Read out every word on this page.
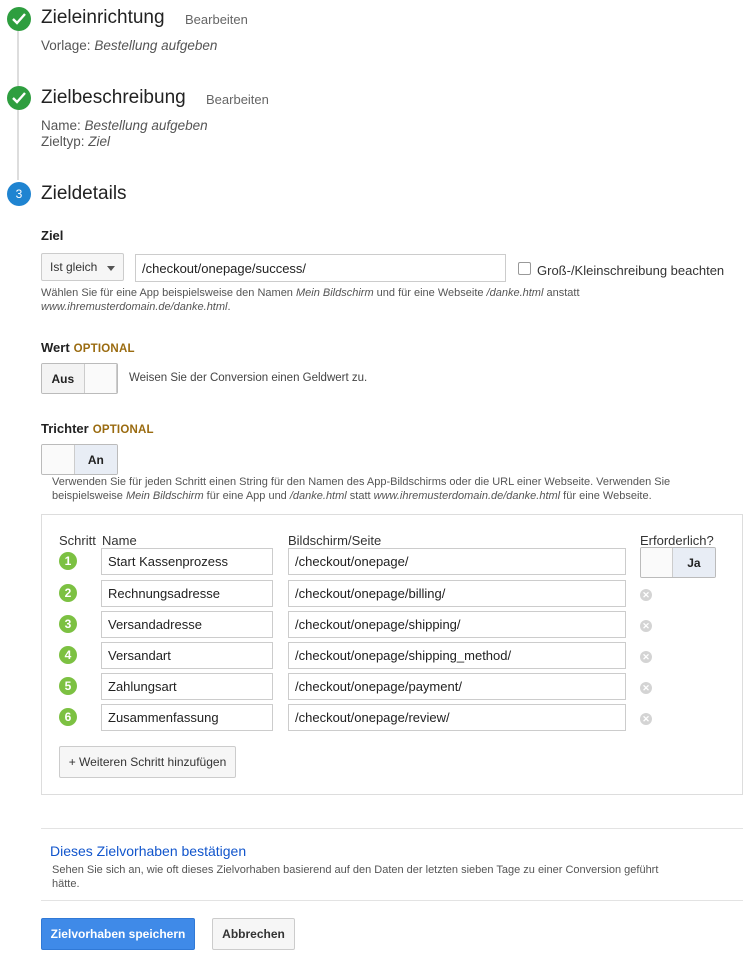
Zieleinrichtung Bearbeiten
Vorlage: Bestellung aufgeben
Zielbeschreibung Bearbeiten
Name: Bestellung aufgeben
Zieltyp: Ziel
3 Zieldetails
Ziel
Ist gleich	/checkout/onepage/success/	Groß-/Kleinschreibung beachten
Wählen Sie für eine App beispielsweise den Namen Mein Bildschirm und für eine Webseite /danke.html anstatt
www.ihremusterdomain.de/danke.html.
Wert OPTIONAL
Aus	Weisen Sie der Conversion einen Geldwert zu.
Trichter OPTIONAL
An
Verwenden Sie für jeden Schritt einen String für den Namen des App-Bildschirms oder die URL einer Webseite. Verwenden Sie
beispielsweise Mein Bildschirm für eine App und /danke.html statt www.ihremusterdomain.de/danke.html für eine Webseite.
Schritt Name	Bildschirm/Seite	Erforderlich?
1	Start Kassenprozess	/checkout/onepage/	Ja
2	Rechnungsadresse	/checkout/onepage/billing/	✕
3	Versandadresse	/checkout/onepage/shipping/	✕
4	Versandart	/checkout/onepage/shipping_method/	✕
5	Zahlungsart	/checkout/onepage/payment/	✕
6	Zusammenfassung	/checkout/onepage/review/	✕
+ Weiteren Schritt hinzufügen
Dieses Zielvorhaben bestätigen
Sehen Sie sich an, wie oft dieses Zielvorhaben basierend auf den Daten der letzten sieben Tage zu einer Conversion geführt
hätte.
Zielvorhaben speichern	Abbrechen
